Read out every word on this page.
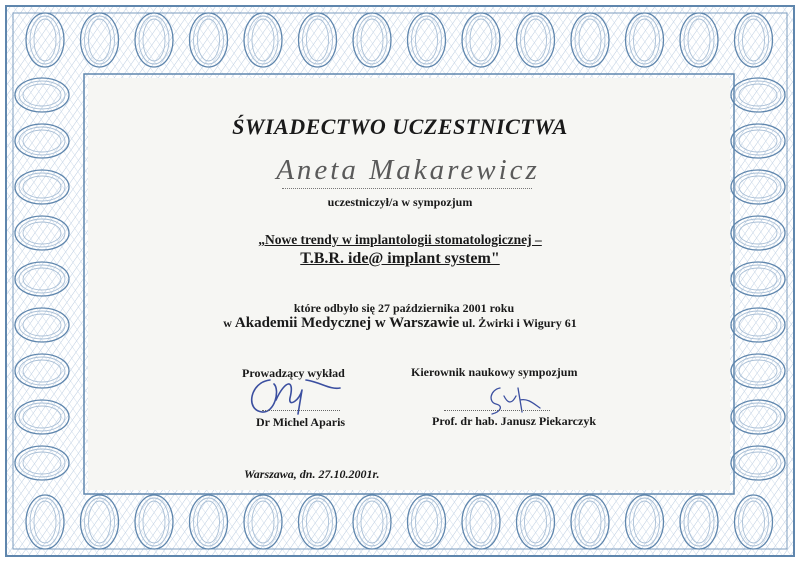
ŚWIADECTWO UCZESTNICTWA
Aneta Makarewicz
uczestniczył/a w sympozjum
„Nowe trendy w implantologii stomatologicznej –
T.B.R. ide@ implant system"
które odbyło się 27 października 2001 roku
w Akademii Medycznej w Warszawie ul. Żwirki i Wigury 61
Prowadzący wykład	Kierownik naukowy sympozjum
Dr Michel Aparis	Prof. dr hab. Janusz Piekarczyk
Warszawa, dn. 27.10.2001r.
